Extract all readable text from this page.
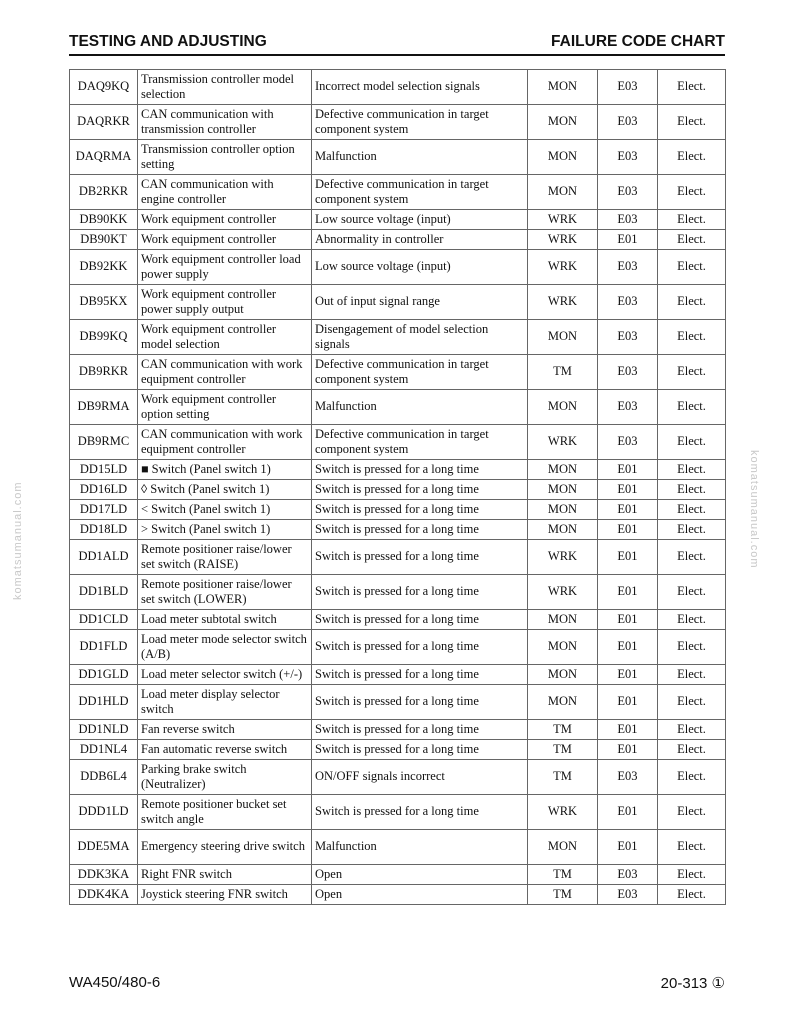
TESTING AND ADJUSTING	FAILURE CODE CHART
komatsumanual.com	komatsumanual.com
DAQ9KQ	Transmission controller model selection	Incorrect model selection signals	MON	E03	Elect.
DAQRKR	CAN communication with transmission controller	Defective communication in target component system	MON	E03	Elect.
DAQRMA	Transmission controller option setting	Malfunction	MON	E03	Elect.
DB2RKR	CAN communication with engine controller	Defective communication in target component system	MON	E03	Elect.
DB90KK	Work equipment controller	Low source voltage (input)	WRK	E03	Elect.
DB90KT	Work equipment controller	Abnormality in controller	WRK	E01	Elect.
DB92KK	Work equipment controller load power supply	Low source voltage (input)	WRK	E03	Elect.
DB95KX	Work equipment controller power supply output	Out of input signal range	WRK	E03	Elect.
DB99KQ	Work equipment controller model selection	Disengagement of model selection signals	MON	E03	Elect.
DB9RKR	CAN communication with work equipment controller	Defective communication in target component system	TM	E03	Elect.
DB9RMA	Work equipment controller option setting	Malfunction	MON	E03	Elect.
DB9RMC	CAN communication with work equipment controller	Defective communication in target component system	WRK	E03	Elect.
DD15LD	■ Switch (Panel switch 1)	Switch is pressed for a long time	MON	E01	Elect.
DD16LD	◊ Switch (Panel switch 1)	Switch is pressed for a long time	MON	E01	Elect.
DD17LD	< Switch (Panel switch 1)	Switch is pressed for a long time	MON	E01	Elect.
DD18LD	> Switch (Panel switch 1)	Switch is pressed for a long time	MON	E01	Elect.
DD1ALD	Remote positioner raise/lower set switch (RAISE)	Switch is pressed for a long time	WRK	E01	Elect.
DD1BLD	Remote positioner raise/lower set switch (LOWER)	Switch is pressed for a long time	WRK	E01	Elect.
DD1CLD	Load meter subtotal switch	Switch is pressed for a long time	MON	E01	Elect.
DD1FLD	Load meter mode selector switch (A/B)	Switch is pressed for a long time	MON	E01	Elect.
DD1GLD	Load meter selector switch (+/-)	Switch is pressed for a long time	MON	E01	Elect.
DD1HLD	Load meter display selector switch	Switch is pressed for a long time	MON	E01	Elect.
DD1NLD	Fan reverse switch	Switch is pressed for a long time	TM	E01	Elect.
DD1NL4	Fan automatic reverse switch	Switch is pressed for a long time	TM	E01	Elect.
DDB6L4	Parking brake switch (Neutralizer)	ON/OFF signals incorrect	TM	E03	Elect.
DDD1LD	Remote positioner bucket set switch angle	Switch is pressed for a long time	WRK	E01	Elect.
DDE5MA	Emergency steering drive switch	Malfunction	MON	E01	Elect.
DDK3KA	Right FNR switch	Open	TM	E03	Elect.
DDK4KA	Joystick steering FNR switch	Open	TM	E03	Elect.
WA450/480-6	20-313 ①
